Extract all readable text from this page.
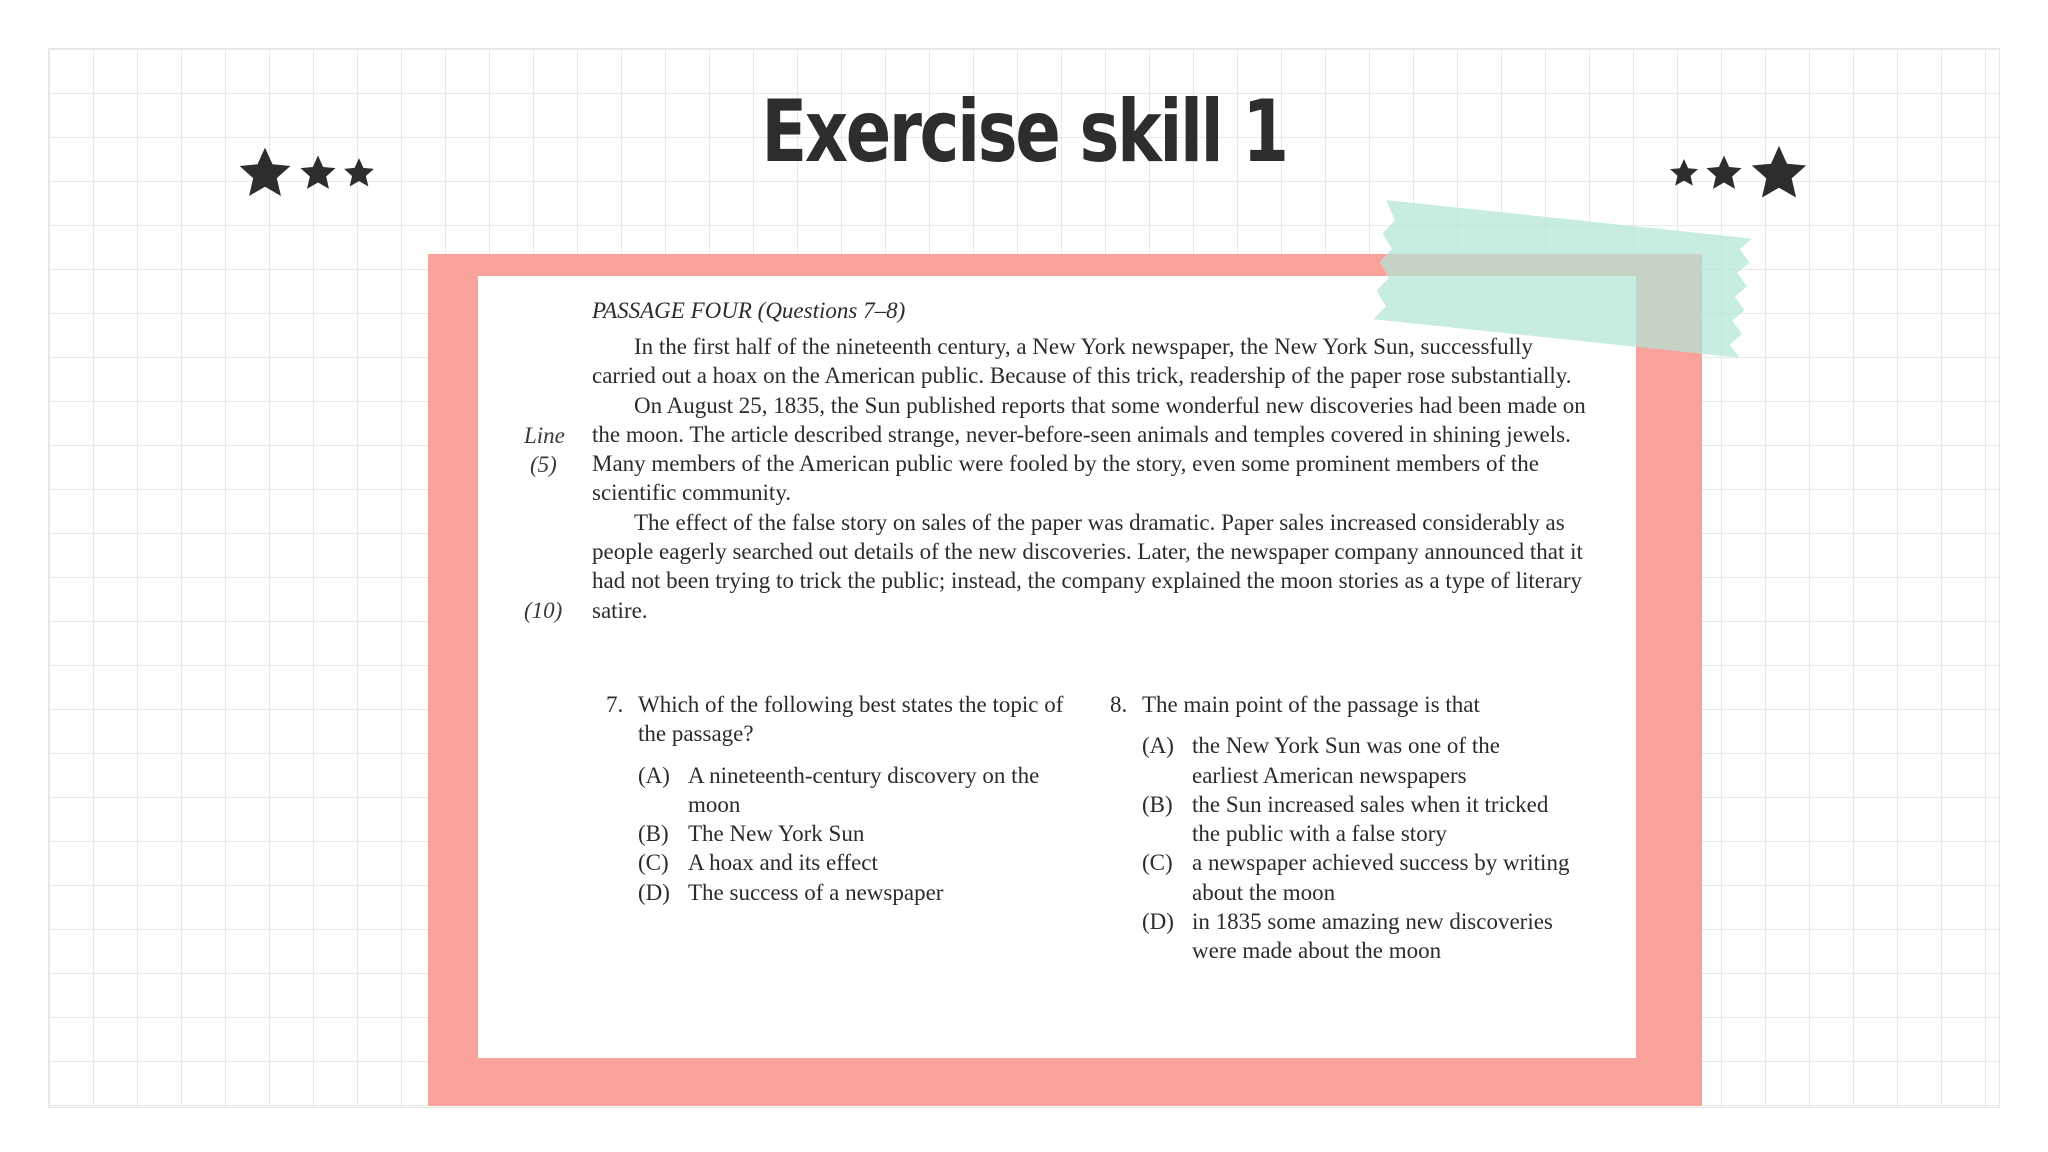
Exercise skill 1
PASSAGE FOUR (Questions 7–8)
Line
(5)
(10)

In the first half of the nineteenth century, a New York newspaper, the New York Sun, successfully carried out a hoax on the American public. Because of this trick, readership of the paper rose substantially.

On August 25, 1835, the Sun published reports that some wonderful new discoveries had been made on the moon. The article described strange, never-before-seen animals and temples covered in shining jewels. Many members of the American public were fooled by the story, even some prominent members of the scientific community.

The effect of the false story on sales of the paper was dramatic. Paper sales increased considerably as people eagerly searched out details of the new discoveries. Later, the newspaper company announced that it had not been trying to trick the public; instead, the company explained the moon stories as a type of literary satire.

7. Which of the following best states the topic of the passage?
(A) A nineteenth-century discovery on the moon
(B) The New York Sun
(C) A hoax and its effect
(D) The success of a newspaper
8. The main point of the passage is that
(A) the New York Sun was one of the earliest American newspapers
(B) the Sun increased sales when it tricked the public with a false story
(C) a newspaper achieved success by writing about the moon
(D) in 1835 some amazing new discoveries were made about the moon
